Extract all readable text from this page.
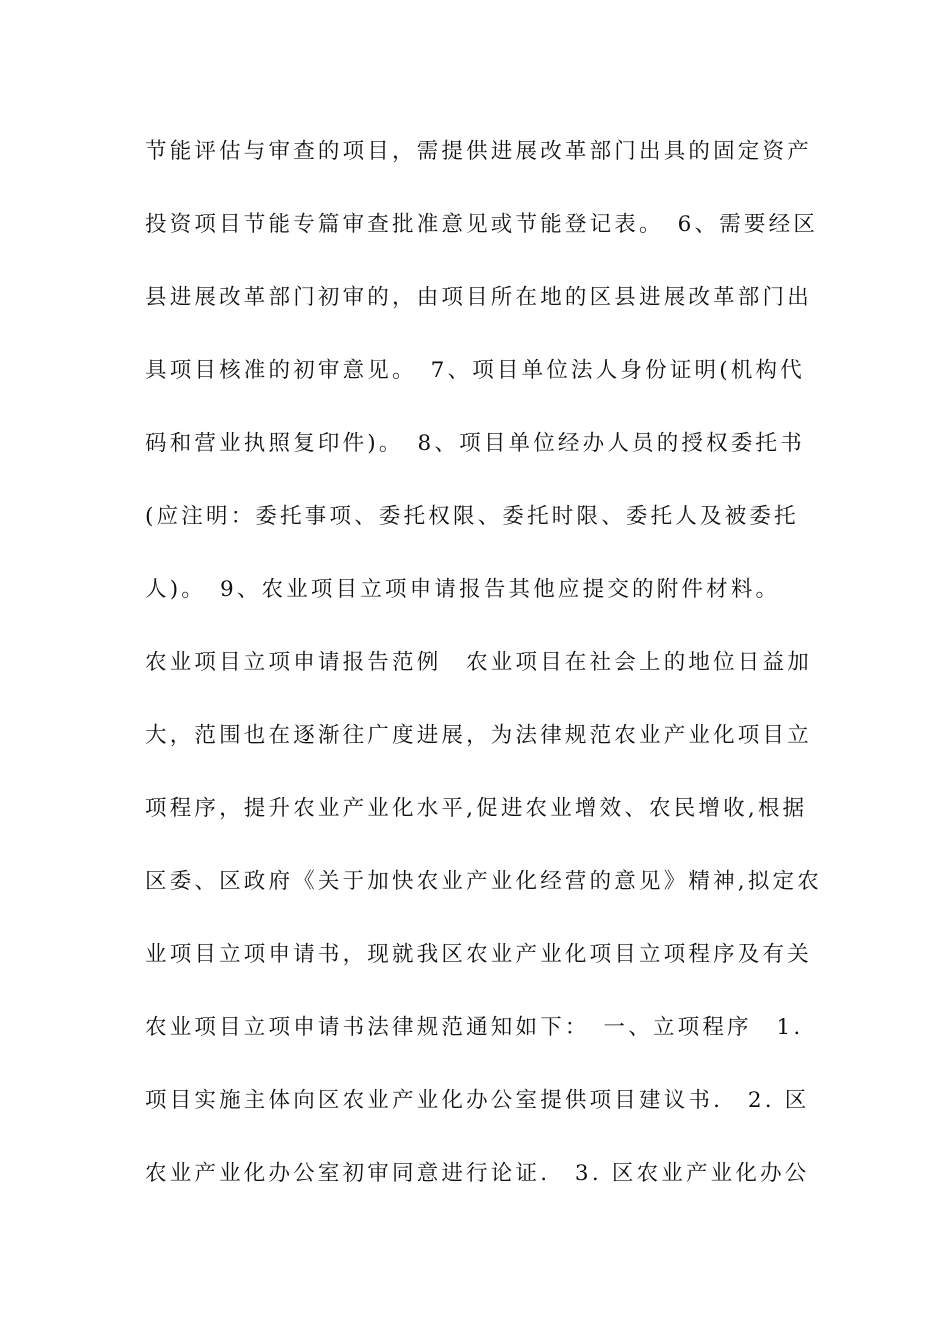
节能评估与审查的项目，需提供进展改革部门出具的固定资产
投资项目节能专篇审查批准意见或节能登记表。　6、需要经区
县进展改革部门初审的，由项目所在地的区县进展改革部门出
具项目核准的初审意见。　7、项目单位法人身份证明(机构代
码和营业执照复印件)。　8、项目单位经办人员的授权委托书
(应注明：委托事项、委托权限、委托时限、委托人及被委托
人)。　9、农业项目立项申请报告其他应提交的附件材料。
农业项目立项申请报告范例　农业项目在社会上的地位日益加
大，范围也在逐渐往广度进展，为法律规范农业产业化项目立
项程序，提升农业产业化水平,促进农业增效、农民增收,根据
区委、区政府《关于加快农业产业化经营的意见》精神,拟定农
业项目立项申请书，现就我区农业产业化项目立项程序及有关
农业项目立项申请书法律规范通知如下：　一、立项程序　1.
项目实施主体向区农业产业化办公室提供项目建议书.　2. 区
农业产业化办公室初审同意进行论证.　3. 区农业产业化办公
